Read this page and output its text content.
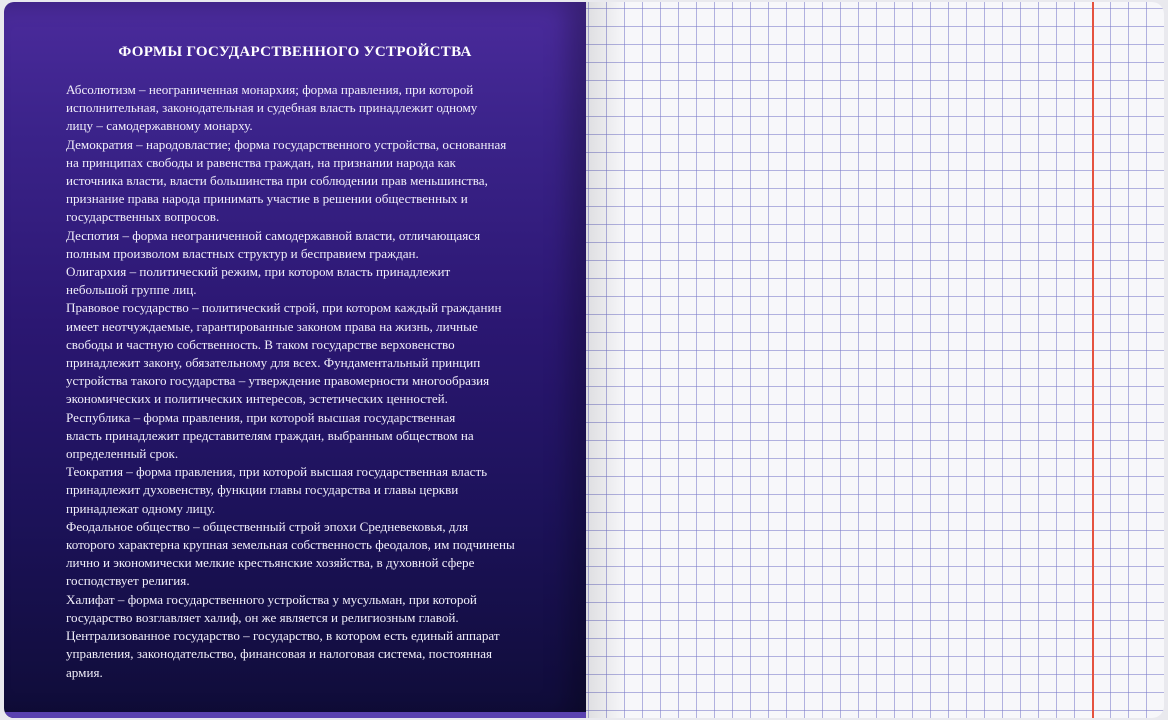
ФОРМЫ ГОСУДАРСТВЕННОГО УСТРОЙСТВА

Абсолютизм – неограниченная монархия; форма правления, при которой
исполнительная, законодательная и судебная власть принадлежит одному
лицу – самодержавному монарху.

Демократия – народовластие; форма государственного устройства, основанная
на принципах свободы и равенства граждан, на признании народа как
источника власти, власти большинства при соблюдении прав меньшинства,
признание права народа принимать участие в решении общественных и
государственных вопросов.

Деспотия – форма неограниченной самодержавной власти, отличающаяся
полным произволом властных структур и бесправием граждан.

Олигархия – политический режим, при котором власть принадлежит
небольшой группе лиц.

Правовое государство – политический строй, при котором каждый гражданин
имеет неотчуждаемые, гарантированные законом права на жизнь, личные
свободы и частную собственность. В таком государстве верховенство
принадлежит закону, обязательному для всех. Фундаментальный принцип
устройства такого государства – утверждение правомерности многообразия
экономических и политических интересов, эстетических ценностей.

Республика – форма правления, при которой высшая государственная
власть принадлежит представителям граждан, выбранным обществом на
определенный срок.

Теократия – форма правления, при которой высшая государственная власть
принадлежит духовенству, функции главы государства и главы церкви
принадлежат одному лицу.

Феодальное общество – общественный строй эпохи Средневековья, для
которого характерна крупная земельная собственность феодалов, им подчинены
лично и экономически мелкие крестьянские хозяйства, в духовной сфере
господствует религия.

Халифат – форма государственного устройства у мусульман, при которой
государство возглавляет халиф, он же является и религиозным главой.

Централизованное государство – государство, в котором есть единый аппарат
управления, законодательство, финансовая и налоговая система, постоянная
армия.
